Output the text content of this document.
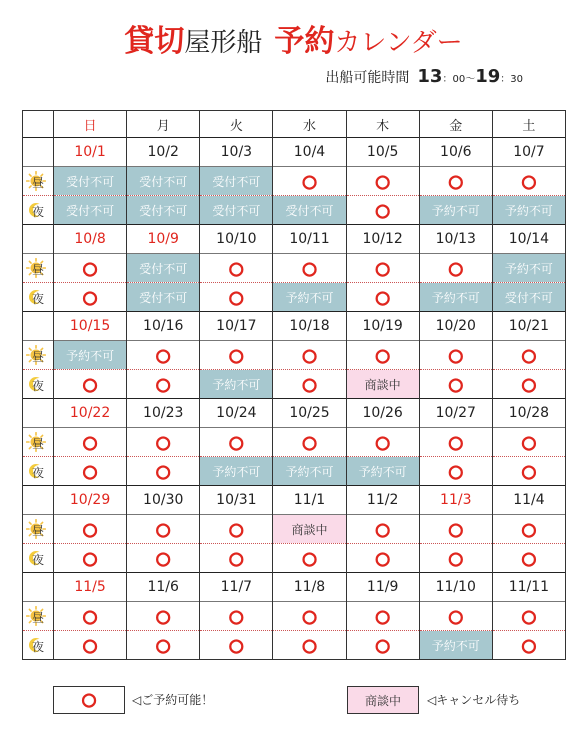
貸切屋形船 予約カレンダー
出船可能時間 13：00〜19：30
	日	月	火	水	木	金	土
	10/1	10/2	10/3	10/4	10/5	10/6	10/7

昼	受付不可	受付不可	受付不可	○	○	○	○

夜	受付不可	受付不可	受付不可	受付不可	○	予約不可	予約不可
	10/8	10/9	10/10	10/11	10/12	10/13	10/14

昼	○	受付不可	○	○	○	○	予約不可

夜	○	受付不可	○	予約不可	○	予約不可	受付不可
	10/15	10/16	10/17	10/18	10/19	10/20	10/21

昼	予約不可	○	○	○	○	○	○

夜	○	○	予約不可	○	商談中	○	○
	10/22	10/23	10/24	10/25	10/26	10/27	10/28

昼	○	○	○	○	○	○	○

夜	○	○	予約不可	予約不可	予約不可	○	○
	10/29	10/30	10/31	11/1	11/2	11/3	11/4

昼	○	○	○	商談中	○	○	○

夜	○	○	○	○	○	○	○
	11/5	11/6	11/7	11/8	11/9	11/10	11/11

昼	○	○	○	○	○	○	○

夜	○	○	○	○	○	予約不可	○
○	◁ご予約可能！	商談中 ◁キャンセル待ち
